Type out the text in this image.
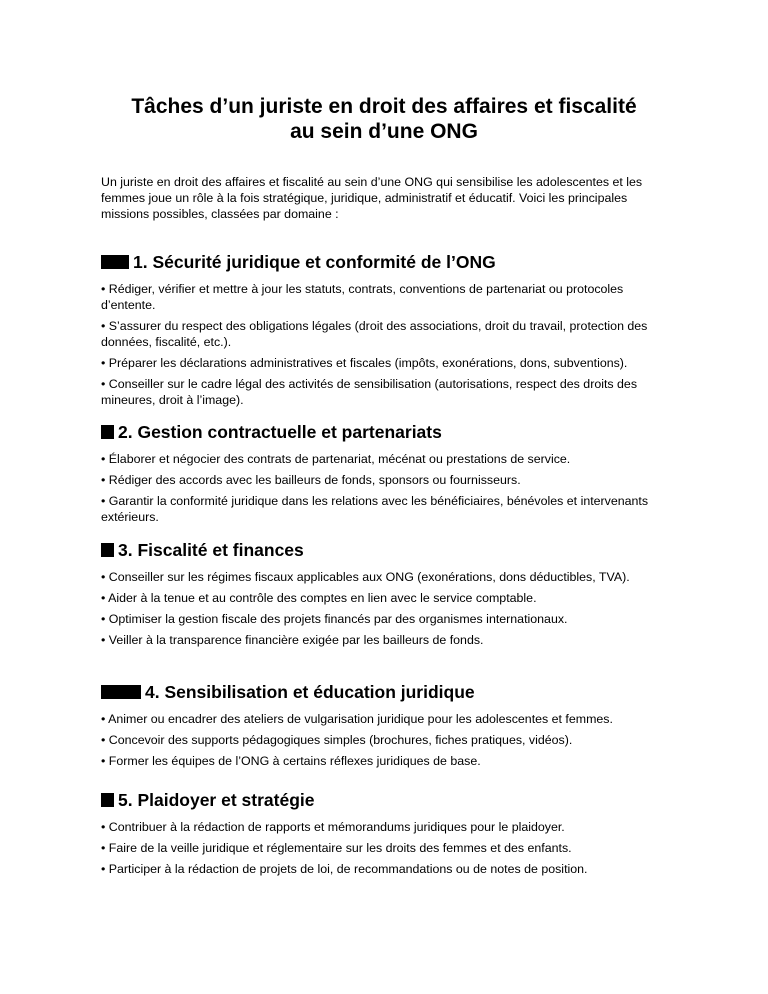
Tâches d’un juriste en droit des affaires et fiscalité
au sein d’une ONG

Un juriste en droit des affaires et fiscalité au sein d’une ONG qui sensibilise les adolescentes et les femmes joue un rôle à la fois stratégique, juridique, administratif et éducatif. Voici les principales missions possibles, classées par domaine :

1. Sécurité juridique et conformité de l’ONG
• Rédiger, vérifier et mettre à jour les statuts, contrats, conventions de partenariat ou protocoles d’entente.
• S’assurer du respect des obligations légales (droit des associations, droit du travail, protection des données, fiscalité, etc.).
• Préparer les déclarations administratives et fiscales (impôts, exonérations, dons, subventions).
• Conseiller sur le cadre légal des activités de sensibilisation (autorisations, respect des droits des mineures, droit à l’image).
2. Gestion contractuelle et partenariats
• Élaborer et négocier des contrats de partenariat, mécénat ou prestations de service.
• Rédiger des accords avec les bailleurs de fonds, sponsors ou fournisseurs.
• Garantir la conformité juridique dans les relations avec les bénéficiaires, bénévoles et intervenants extérieurs.
3. Fiscalité et finances
• Conseiller sur les régimes fiscaux applicables aux ONG (exonérations, dons déductibles, TVA).
• Aider à la tenue et au contrôle des comptes en lien avec le service comptable.
• Optimiser la gestion fiscale des projets financés par des organismes internationaux.
• Veiller à la transparence financière exigée par les bailleurs de fonds.
4. Sensibilisation et éducation juridique
• Animer ou encadrer des ateliers de vulgarisation juridique pour les adolescentes et femmes.
• Concevoir des supports pédagogiques simples (brochures, fiches pratiques, vidéos).
• Former les équipes de l’ONG à certains réflexes juridiques de base.
5. Plaidoyer et stratégie
• Contribuer à la rédaction de rapports et mémorandums juridiques pour le plaidoyer.
• Faire de la veille juridique et réglementaire sur les droits des femmes et des enfants.
• Participer à la rédaction de projets de loi, de recommandations ou de notes de position.
